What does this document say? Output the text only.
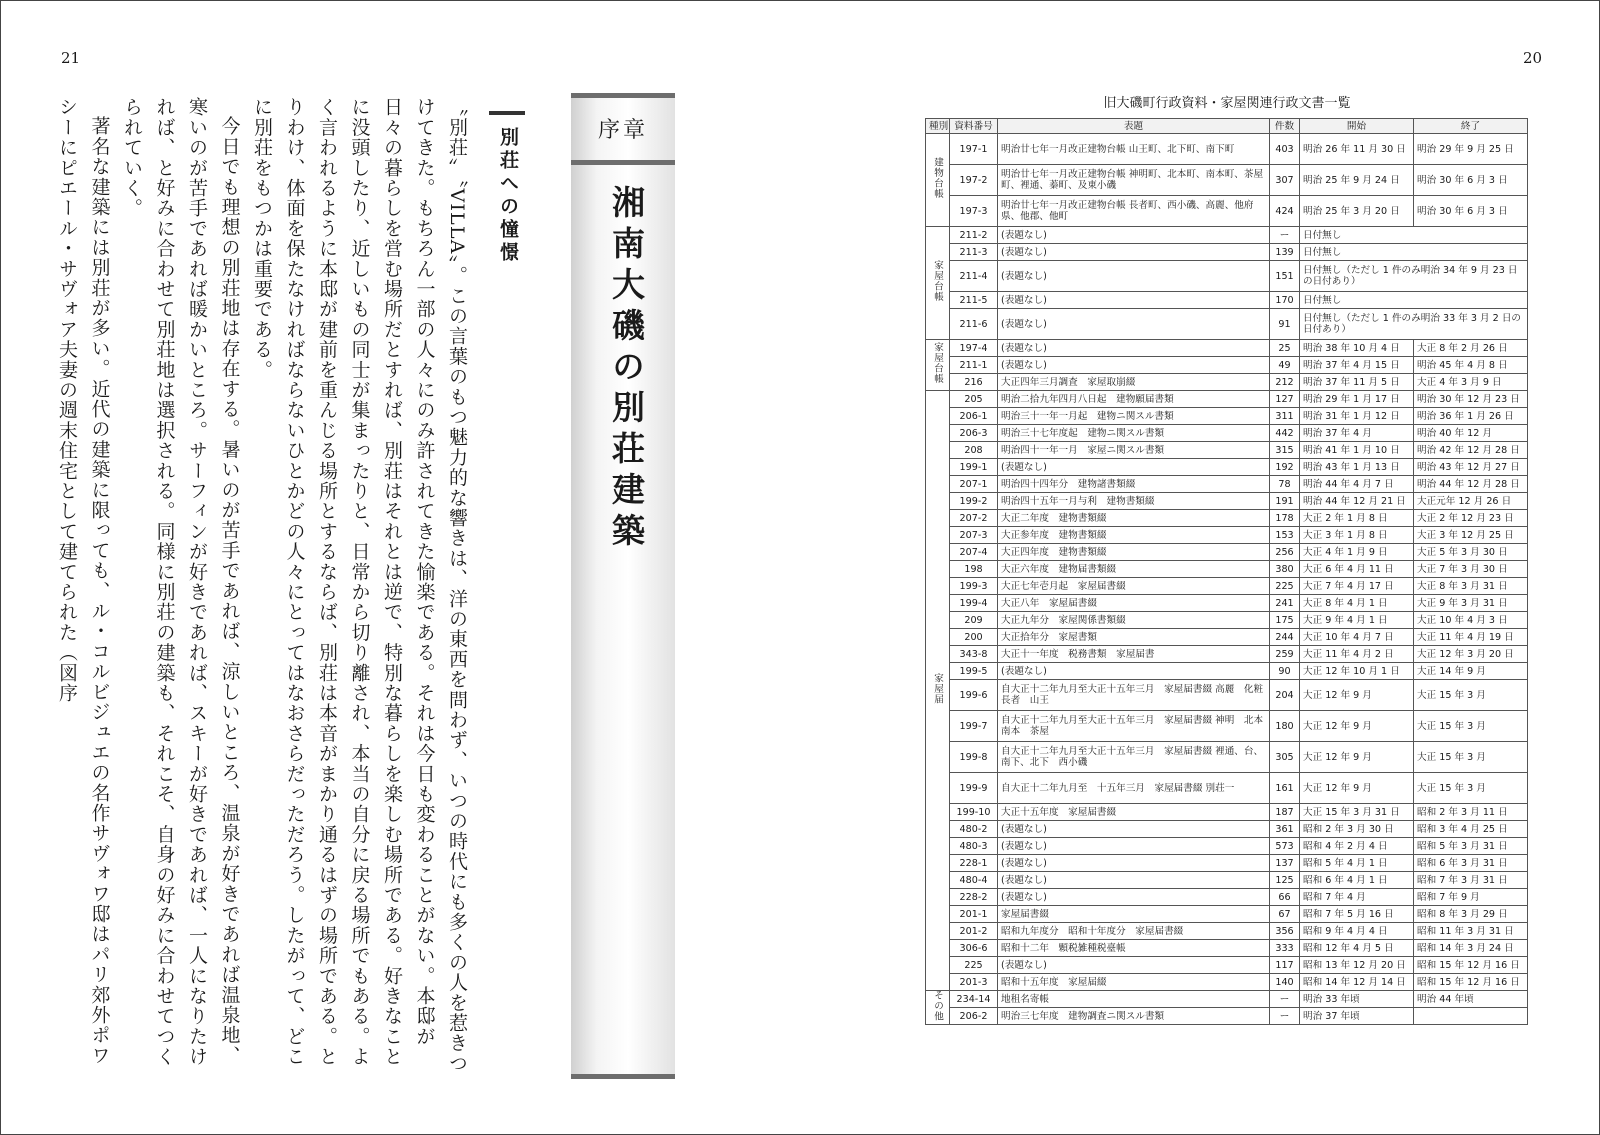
21	20

〝別荘〟〝VILLA〟。この言葉のもつ魅力的な響きは、洋の東西を問わず、いつの時代にも多くの人を惹きつけてきた。もちろん一部の人々にのみ許されてきた愉楽である。それは今日も変わることがない。本邸が日々の暮らしを営む場所だとすれば、別荘はそれとは逆で、特別な暮らしを楽しむ場所である。好きなことに没頭したり、近しいもの同士が集まったりと、日常から切り離され、本当の自分に戻る場所でもある。よく言われるように本邸が建前を重んじる場所とするならば、別荘は本音がまかり通るはずの場所である。とりわけ、体面を保たなければならないひとかどの人々にとってはなおさらだっただろう。したがって、どこに別荘をもつかは重要である。

今日でも理想の別荘地は存在する。暑いのが苦手であれば、涼しいところ、温泉が好きであれば温泉地、寒いのが苦手であれば暖かいところ。サーフィンが好きであれば、スキーが好きであれば、一人になりたければ、と好みに合わせて別荘地は選択される。同様に別荘の建築も、それこそ、自身の好みに合わせてつくられていく。

著名な建築には別荘が多い。近代の建築に限っても、ル・コルビジュエの名作サヴォワ邸はパリ郊外ポワシーにピエール・サヴォア夫妻の週末住宅として建てられた（図序	別荘への憧憬	序章
湘南大磯の別荘建築
旧大磯町行政資料・家屋関連行政文書一覧
種別	資料番号	表題	件数	開始	終了
建物台帳	197-1	明治廿七年一月改正建物台帳 山王町、北下町、南下町	403	明治 26 年 11 月 30 日	明治 29 年 9 月 25 日
	197-2	明治廿七年一月改正建物台帳 神明町、北本町、南本町、茶屋町、裡通、蓁町、及東小磯	307	明治 25 年 9 月 24 日	明治 30 年 6 月 3 日
	197-3	明治廿七年一月改正建物台帳 長者町、西小磯、高麗、他府県、他郡、他町	424	明治 25 年 3 月 20 日	明治 30 年 6 月 3 日
家屋台帳	211-2	(表題なし)	ー	日付無し	
	211-3	(表題なし)	139	日付無し	
	211-4	(表題なし)	151	日付無し（ただし 1 件のみ明治 34 年 9 月 23 日の日付あり）	
	211-5	(表題なし)	170	日付無し	
	211-6	(表題なし)	91	日付無し（ただし 1 件のみ明治 33 年 3 月 2 日の日付あり）	
家屋台帳	197-4	(表題なし)	25	明治 38 年 10 月 4 日	大正 8 年 2 月 26 日
	211-1	(表題なし)	49	明治 37 年 4 月 15 日	明治 45 年 4 月 8 日
	216	大正四年三月調査　家屋取崩綴	212	明治 37 年 11 月 5 日	大正 4 年 3 月 9 日
家屋届	205	明治二拾九年四月八日起　建物願届書類	127	明治 29 年 1 月 17 日	明治 30 年 12 月 23 日
	206-1	明治三十一年一月起　建物ニ関スル書類	311	明治 31 年 1 月 12 日	明治 36 年 1 月 26 日
	206-3	明治三十七年度起　建物ニ関スル書類	442	明治 37 年 4 月	明治 40 年 12 月
	208	明治四十一年一月　家屋ニ関スル書類	315	明治 41 年 1 月 10 日	明治 42 年 12 月 28 日
	199-1	(表題なし)	192	明治 43 年 1 月 13 日	明治 43 年 12 月 27 日
	207-1	明治四十四年分　建物諸書類綴	78	明治 44 年 4 月 7 日	明治 44 年 12 月 28 日
	199-2	明治四十五年一月与利　建物書類綴	191	明治 44 年 12 月 21 日	大正元年 12 月 26 日
	207-2	大正二年度　建物書類綴	178	大正 2 年 1 月 8 日	大正 2 年 12 月 23 日
	207-3	大正参年度　建物書類綴	153	大正 3 年 1 月 8 日	大正 3 年 12 月 25 日
	207-4	大正四年度　建物書類綴	256	大正 4 年 1 月 9 日	大正 5 年 3 月 30 日
	198	大正六年度　建物届書類綴	380	大正 6 年 4 月 11 日	大正 7 年 3 月 30 日
	199-3	大正七年壱月起　家屋届書綴	225	大正 7 年 4 月 17 日	大正 8 年 3 月 31 日
	199-4	大正八年　家屋届書綴	241	大正 8 年 4 月 1 日	大正 9 年 3 月 31 日
	209	大正九年分　家屋関係書類綴	175	大正 9 年 4 月 1 日	大正 10 年 4 月 3 日
	200	大正拾年分　家屋書類	244	大正 10 年 4 月 7 日	大正 11 年 4 月 19 日
	343-8	大正十一年度　税務書類　家屋届書	259	大正 11 年 4 月 2 日	大正 12 年 3 月 20 日
	199-5	(表題なし)	90	大正 12 年 10 月 1 日	大正 14 年 9 月
	199-6	自大正十二年九月至大正十五年三月　家屋届書綴 高麗　化粧　長者　山王	204	大正 12 年 9 月	大正 15 年 3 月
	199-7	自大正十二年九月至大正十五年三月　家屋届書綴 神明　北本　南本　茶屋	180	大正 12 年 9 月	大正 15 年 3 月
	199-8	自大正十二年九月至大正十五年三月　家屋届書綴 裡通、台、南下、北下　西小磯	305	大正 12 年 9 月	大正 15 年 3 月
	199-9	自大正十二年九月至　十五年三月　家屋届書綴 別荘一	161	大正 12 年 9 月	大正 15 年 3 月
	199-10	大正十五年度　家屋届書綴	187	大正 15 年 3 月 31 日	昭和 2 年 3 月 11 日
	480-2	(表題なし)	361	昭和 2 年 3 月 30 日	昭和 3 年 4 月 25 日
	480-3	(表題なし)	573	昭和 4 年 2 月 4 日	昭和 5 年 3 月 31 日
	228-1	(表題なし)	137	昭和 5 年 4 月 1 日	昭和 6 年 3 月 31 日
	480-4	(表題なし)	125	昭和 6 年 4 月 1 日	昭和 7 年 3 月 31 日
	228-2	(表題なし)	66	昭和 7 年 4 月	昭和 7 年 9 月
	201-1	家屋届書綴	67	昭和 7 年 5 月 16 日	昭和 8 年 3 月 29 日
	201-2	昭和九年度分　昭和十年度分　家屋届書綴	356	昭和 9 年 4 月 4 日	昭和 11 年 3 月 31 日
	306-6	昭和十二年　顆税雑種税臺帳	333	昭和 12 年 4 月 5 日	昭和 14 年 3 月 24 日
	225	(表題なし)	117	昭和 13 年 12 月 20 日	昭和 15 年 12 月 16 日
	201-3	昭和十五年度　家屋届綴	140	昭和 14 年 12 月 14 日	昭和 15 年 12 月 16 日
その他	234-14	地租名寄帳	ー	明治 33 年頃	明治 44 年頃
	206-2	明治三七年度　建物調査ニ関スル書類	ー	明治 37 年頃	
